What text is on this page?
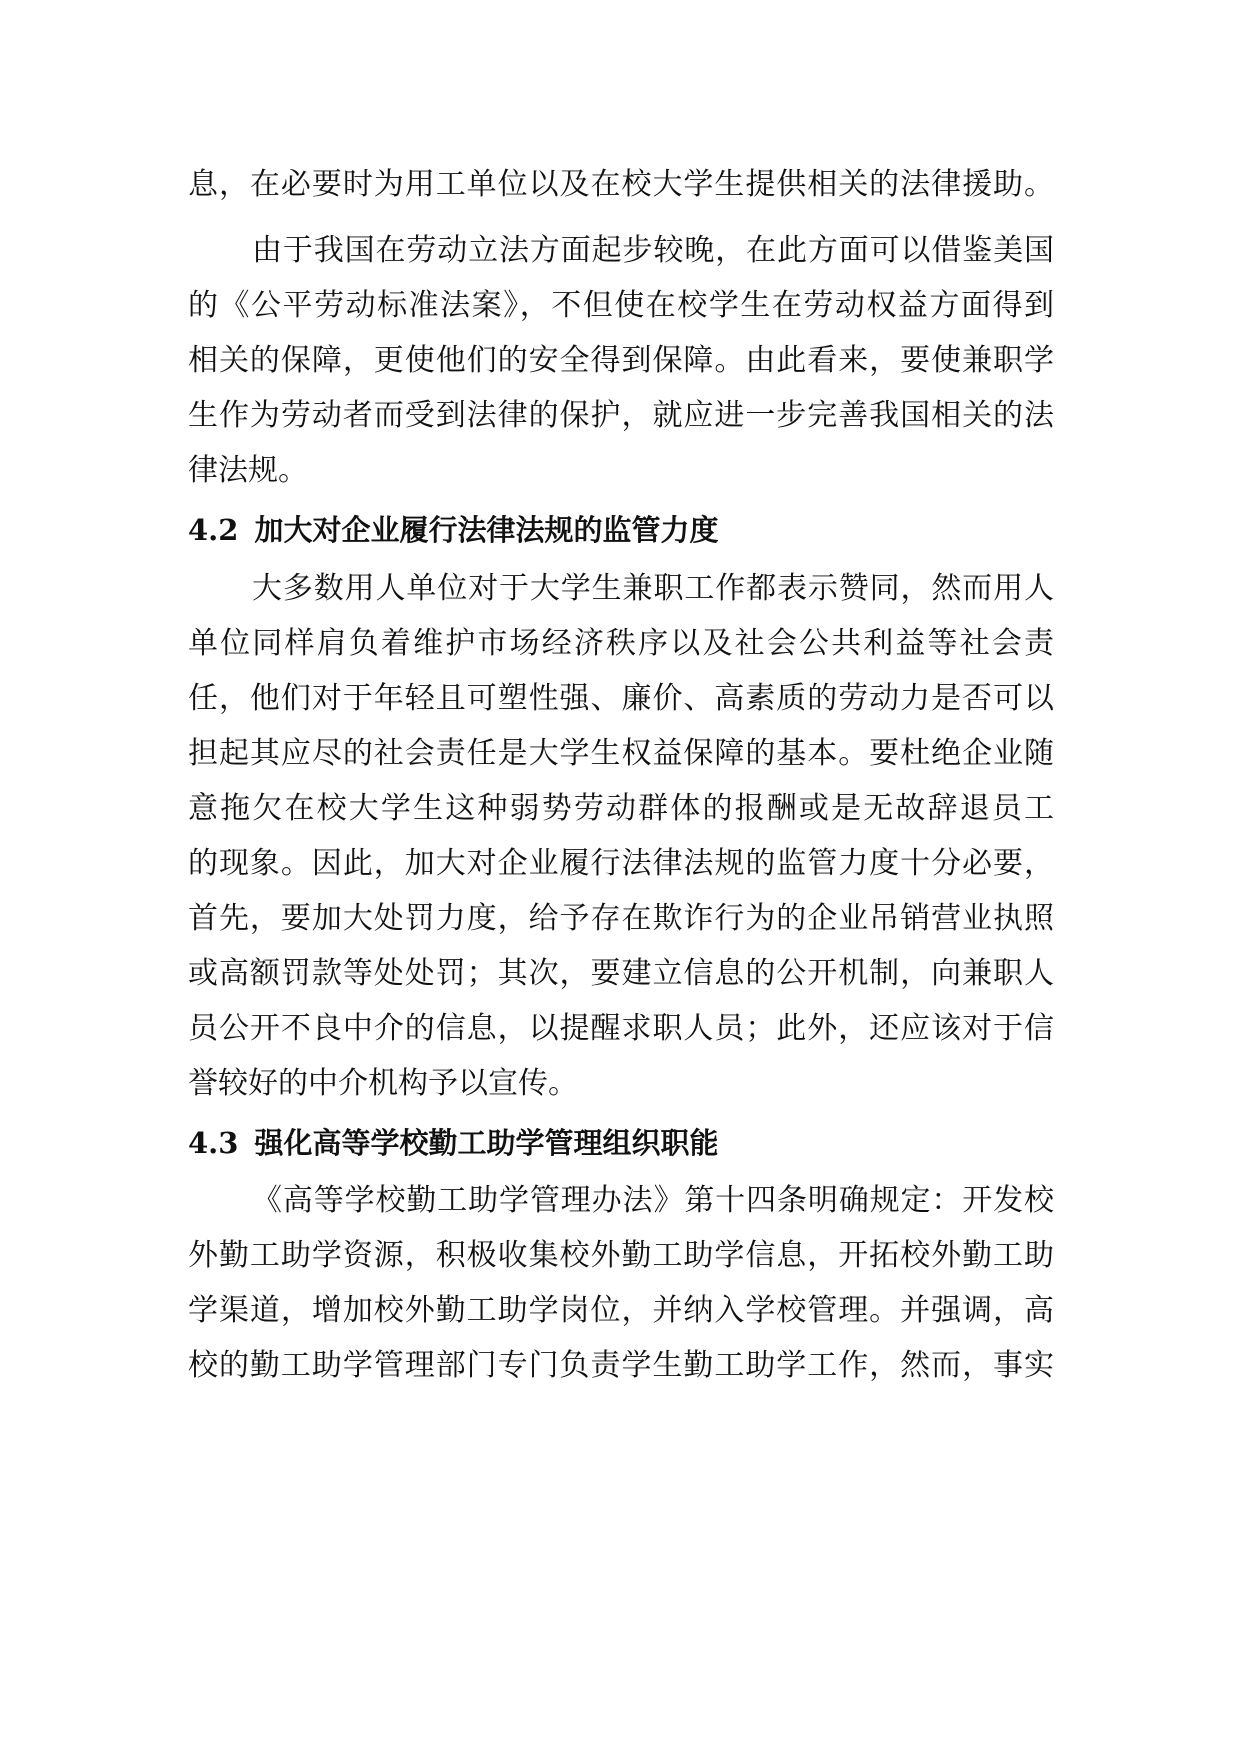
息，在必要时为用工单位以及在校大学生提供相关的法律援助。
由于我国在劳动立法方面起步较晚，在此方面可以借鉴美国
的《公平劳动标准法案》，不但使在校学生在劳动权益方面得到
相关的保障，更使他们的安全得到保障。由此看来，要使兼职学
生作为劳动者而受到法律的保护，就应进一步完善我国相关的法
律法规。
4.2 加大对企业履行法律法规的监管力度
大多数用人单位对于大学生兼职工作都表示赞同，然而用人
单位同样肩负着维护市场经济秩序以及社会公共利益等社会责
任，他们对于年轻且可塑性强、廉价、高素质的劳动力是否可以
担起其应尽的社会责任是大学生权益保障的基本。要杜绝企业随
意拖欠在校大学生这种弱势劳动群体的报酬或是无故辞退员工
的现象。因此，加大对企业履行法律法规的监管力度十分必要，
首先，要加大处罚力度，给予存在欺诈行为的企业吊销营业执照
或高额罚款等处处罚；其次，要建立信息的公开机制，向兼职人
员公开不良中介的信息，以提醒求职人员；此外，还应该对于信
誉较好的中介机构予以宣传。
4.3 强化高等学校勤工助学管理组织职能
《高等学校勤工助学管理办法》第十四条明确规定：开发校
外勤工助学资源，积极收集校外勤工助学信息，开拓校外勤工助
学渠道，增加校外勤工助学岗位，并纳入学校管理。并强调，高
校的勤工助学管理部门专门负责学生勤工助学工作，然而，事实
